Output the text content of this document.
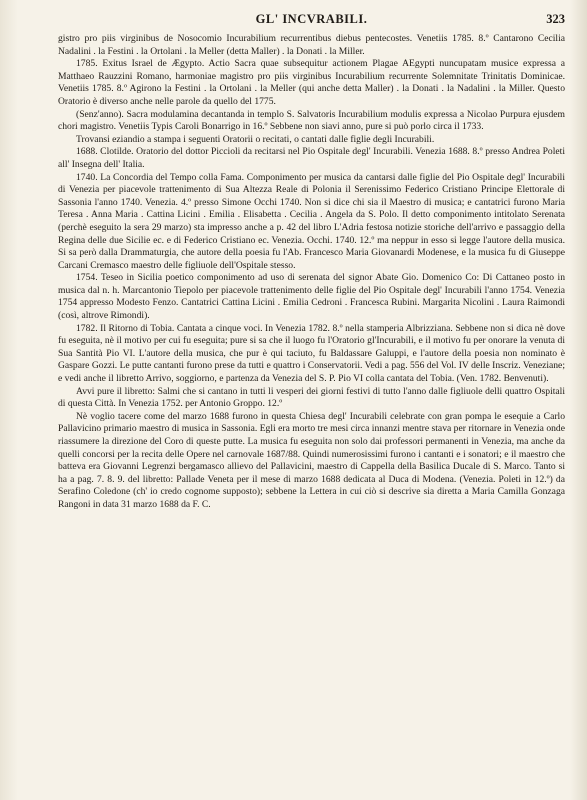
GL' INCVRABILI.	323

gistro pro piis virginibus de Nosocomio Incurabilium recurrentibus diebus pentecostes. Venetiis 1785. 8.º Cantarono Cecilia Nadalini . la Festini . la Ortolani . la Meller (detta Maller) . la Donati . la Miller.

1785. Exitus Israel de Ægypto. Actio Sacra quae subsequitur actionem Plagae AEgypti nuncupatam musice expressa a Matthaeo Rauzzini Romano, harmoniae magistro pro piis virginibus Incurabilium recurrente Solemnitate Trinitatis Dominicae. Venetiis 1785. 8.º Agirono la Festini . la Ortolani . la Meller (qui anche detta Maller) . la Donati . la Nadalini . la Miller. Questo Oratorio è diverso anche nelle parole da quello del 1775.

(Senz'anno). Sacra modulamina decantanda in templo S. Salvatoris Incurabilium modulis expressa a Nicolao Purpura ejusdem chori magistro. Venetiis Typis Caroli Bonarrigo in 16.º Sebbene non siavi anno, pure si può porlo circa il 1733.

Trovansi eziandio a stampa i seguenti Oratorii o recitati, o cantati dalle figlie degli Incurabili.

1688. Clotilde. Oratorio del dottor Piccioli da recitarsi nel Pio Ospitale degl' Incurabili. Venezia 1688. 8.º presso Andrea Poleti all' Insegna dell' Italia.

1740. La Concordia del Tempo colla Fama. Componimento per musica da cantarsi dalle figlie del Pio Ospitale degl' Incurabili di Venezia per piacevole trattenimento di Sua Altezza Reale di Polonia il Serenissimo Federico Cristiano Principe Elettorale di Sassonia l'anno 1740. Venezia. 4.º presso Simone Occhi 1740. Non si dice chi sia il Maestro di musica; e cantatrici furono Maria Teresa . Anna Maria . Cattina Licini . Emilia . Elisabetta . Cecilia . Angela da S. Polo. Il detto componimento intitolato Serenata (perchè eseguito la sera 29 marzo) sta impresso anche a p. 42 del libro L'Adria festosa notizie storiche dell'arrivo e passaggio della Regina delle due Sicilie ec. e di Federico Cristiano ec. Venezia. Occhi. 1740. 12.º ma neppur in esso si legge l'autore della musica. Si sa però dalla Drammaturgia, che autore della poesia fu l'Ab. Francesco Maria Giovanardi Modenese, e la musica fu di Giuseppe Carcani Cremasco maestro delle figliuole dell'Ospitale stesso.

1754. Teseo in Sicilia poetico componimento ad uso di serenata del signor Abate Gio. Domenico Co: Di Cattaneo posto in musica dal n. h. Marcantonio Tiepolo per piacevole trattenimento delle figlie del Pio Ospitale degl' Incurabili l'anno 1754. Venezia 1754 appresso Modesto Fenzo. Cantatrici Cattina Licini . Emilia Cedroni . Francesca Rubini. Margarita Nicolini . Laura Raimondi (così, altrove Rimondi).

1782. Il Ritorno di Tobia. Cantata a cinque voci. In Venezia 1782. 8.º nella stamperia Albrizziana. Sebbene non si dica nè dove fu eseguita, nè il motivo per cui fu eseguita; pure si sa che il luogo fu l'Oratorio gl'Incurabili, e il motivo fu per onorare la venuta di Sua Santità Pio VI. L'autore della musica, che pur è qui taciuto, fu Baldassare Galuppi, e l'autore della poesia non nominato è Gaspare Gozzi. Le putte cantanti furono prese da tutti e quattro i Conservatorii. Vedi a pag. 556 del Vol. IV delle Inscriz. Veneziane; e vedi anche il libretto Arrivo, soggiorno, e partenza da Venezia del S. P. Pio VI colla cantata del Tobia. (Ven. 1782. Benvenuti).

Avvi pure il libretto: Salmi che si cantano in tutti li vesperi dei giorni festivi di tutto l'anno dalle figliuole delli quattro Ospitali di questa Città. In Venezia 1752. per Antonio Groppo. 12.º

Nè voglio tacere come del marzo 1688 furono in questa Chiesa degl' Incurabili celebrate con gran pompa le esequie a Carlo Pallavicino primario maestro di musica in Sassonia. Egli era morto tre mesi circa innanzi mentre stava per ritornare in Venezia onde riassumere la direzione del Coro di queste putte. La musica fu eseguita non solo dai professori permanenti in Venezia, ma anche da quelli concorsi per la recita delle Opere nel carnovale 1687/88. Quindi numerosissimi furono i cantanti e i sonatori; e il maestro che batteva era Giovanni Legrenzi bergamasco allievo del Pallavicini, maestro di Cappella della Basilica Ducale di S. Marco. Tanto si ha a pag. 7. 8. 9. del libretto: Pallade Veneta per il mese di marzo 1688 dedicata al Duca di Modena. (Venezia. Poleti in 12.º) da Serafino Coledone (ch' io credo cognome supposto); sebbene la Lettera in cui ciò si descrive sia diretta a Maria Camilla Gonzaga Rangoni in data 31 marzo 1688 da F. C.
